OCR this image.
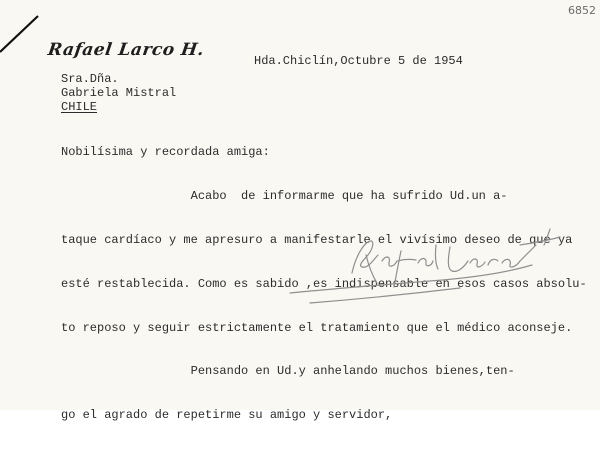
6852
Rafael Larco H.
Hda.Chiclín,Octubre 5 de 1954
Sra.Dña.
Gabriela Mistral
CHILE
Nobilísima y recordada amiga:

Acabo  de informarme que ha sufrido Ud.un a-

taque cardíaco y me apresuro a manifestarle el vivísimo deseo de que ya

esté restablecida. Como es sabido ,es indispensable en esos casos absolu-

to reposo y seguir estrictamente el tratamiento que el médico aconseje.

Pensando en Ud.y anhelando muchos bienes,ten-

go el agrado de repetirme su amigo y servidor,
